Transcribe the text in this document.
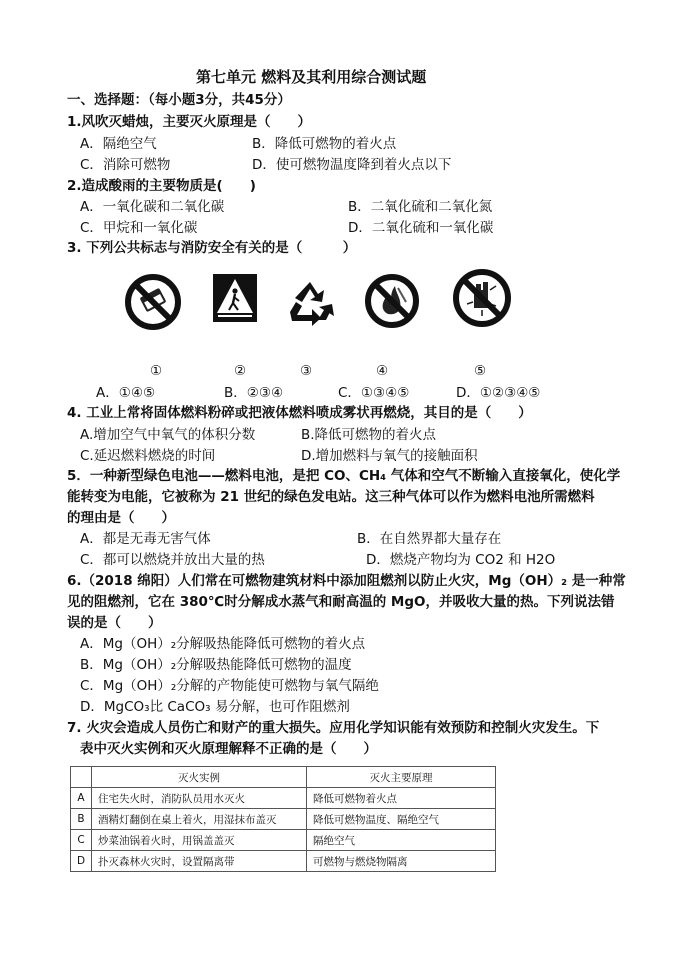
第七单元 燃料及其利用综合测试题
一、选择题：（每小题3分，共45分）
1.风吹灭蜡烛，主要灭火原理是（　　）
A．隔绝空气	B．降低可燃物的着火点
C．消除可燃物	D．使可燃物温度降到着火点以下
2.造成酸雨的主要物质是(　　)
A．一氧化碳和二氧化碳	B．二氧化硫和二氧化氮
C．甲烷和一氧化碳	D．二氧化硫和一氧化碳
3. 下列公共标志与消防安全有关的是（　　　）
①	②	③	④	⑤
A．①④⑤	B．②③④	C．①③④⑤	D．①②③④⑤
4. 工业上常将固体燃料粉碎或把液体燃料喷成雾状再燃烧，其目的是（　　）
A.增加空气中氧气的体积分数	B.降低可燃物的着火点
C.延迟燃料燃烧的时间	D.增加燃料与氧气的接触面积
5．一种新型绿色电池——燃料电池，是把 CO、CH₄ 气体和空气不断输入直接氧化，使化学
能转变为电能，它被称为 21 世纪的绿色发电站。这三种气体可以作为燃料电池所需燃料
的理由是（　　）
A．都是无毒无害气体	B．在自然界都大量存在
C．都可以燃烧并放出大量的热	D．燃烧产物均为 CO2 和 H2O
6.（2018 绵阳）人们常在可燃物建筑材料中添加阻燃剂以防止火灾，Mg（OH）₂ 是一种常
见的阻燃剂，它在 380℃时分解成水蒸气和耐高温的 MgO，并吸收大量的热。下列说法错
误的是（　　）
A．Mg（OH）₂分解吸热能降低可燃物的着火点
B．Mg（OH）₂分解吸热能降低可燃物的温度
C．Mg（OH）₂分解的产物能使可燃物与氧气隔绝
D．MgCO₃比 CaCO₃ 易分解，也可作阻燃剂
7. 火灾会造成人员伤亡和财产的重大损失。应用化学知识能有效预防和控制火灾发生。下
表中灭火实例和灭火原理解释不正确的是（　　）
	灭火实例	灭火主要原理
A	住宅失火时，消防队员用水灭火	降低可燃物着火点
B	酒精灯翻倒在桌上着火，用湿抹布盖灭	降低可燃物温度、隔绝空气
C	炒菜油锅着火时，用锅盖盖灭	隔绝空气
D	扑灭森林火灾时，设置隔离带	可燃物与燃烧物隔离
